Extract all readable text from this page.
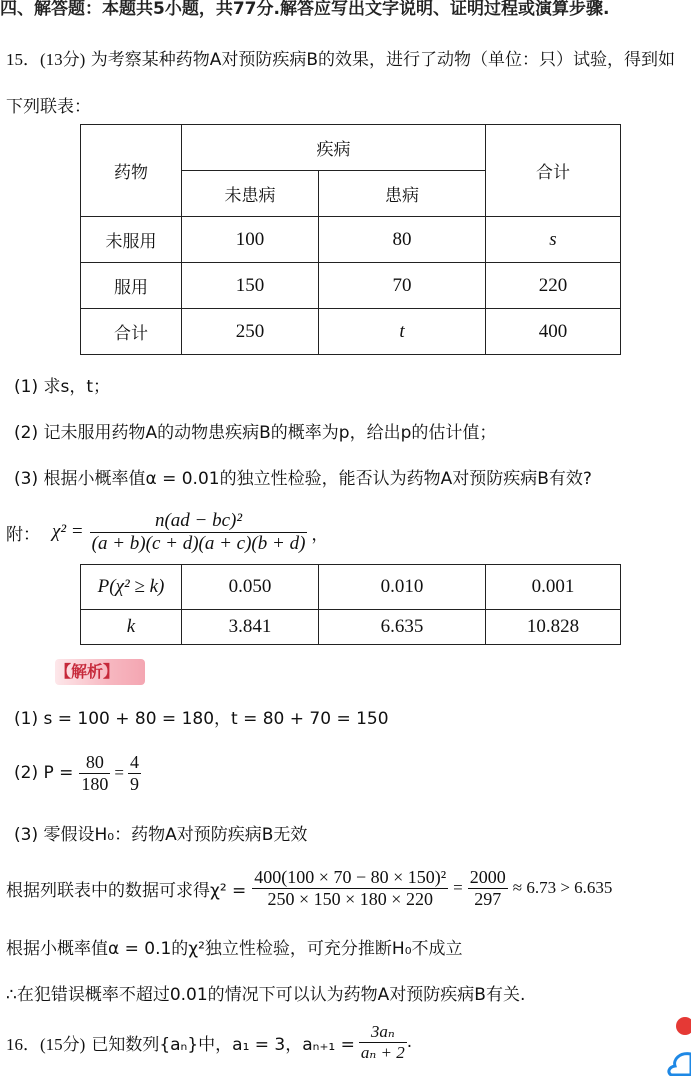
四、解答题：本题共5小题，共77分.解答应写出文字说明、证明过程或演算步骤.
15．(13分) 为考察某种药物A对预防疾病B的效果，进行了动物（单位：只）试验，得到如
下列联表：
药物	疾病		合计
	未患病	患病	
未服用	100	80	s
服用	150	70	220
合计	250	t	400
(1) 求s，t；
(2) 记未服用药物A的动物患疾病B的概率为p，给出p的估计值；
(3) 根据小概率值α = 0.01的独立性检验，能否认为药物A对预防疾病B有效?
附： $\chi^2 = \frac{\text{n(ad − bc)²}}{(a + b)(c + d)(a + c)(b + d)}$ ，
P(χ² ≥ k)	0.050	0.010	0.001
k	3.841	6.635	10.828
【解析】
(1) s = 100 + 80 = 180，t = 80 + 70 = 150
(2) $P = \frac{80}{180} = \frac{4}{9}$
(3) 零假设H₀：药物A对预防疾病B无效
根据列联表中的数据可求得$\chi^2 = \frac{\text{400(100 × 70 − 80 × 150)²}}{250 \times 150 \times 180 \times 220} = \frac{2000}{297} \approx 6.73 > 6.635$
根据小概率值α = 0.1的χ²独立性检验，可充分推断H₀不成立
∴在犯错误概率不超过0.01的情况下可以认为药物A对预防疾病B有关.
16．(15分) 已知数列{aₙ}中，a₁ = 3，$a_{n+1} = \frac{\text{3aₙ}}{\text{aₙ + 2}}$ .
